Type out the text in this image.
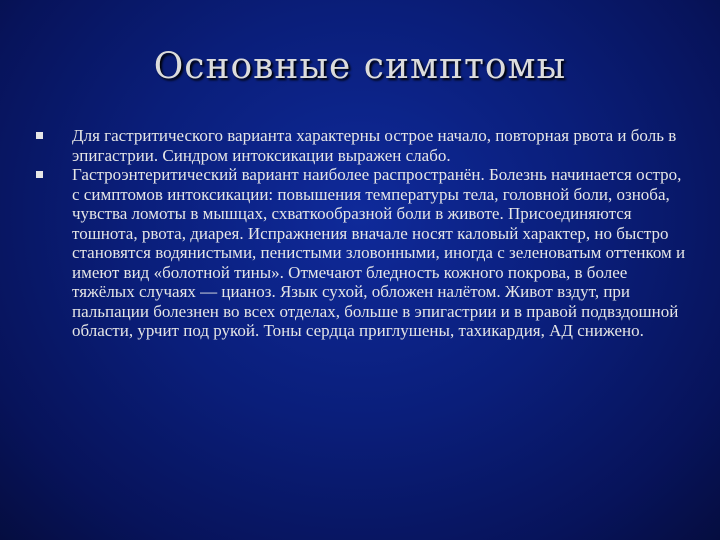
Основные симптомы
Для гастритического варианта характерны острое начало, повторная рвота и боль в эпигастрии. Синдром интоксикации выражен слабо.
Гастроэнтеритический вариант наиболее распространён. Болезнь начинается остро, с симптомов интоксикации: повышения температуры тела, головной боли, озноба, чувства ломоты в мышцах, схваткообразной боли в животе. Присоединяются тошнота, рвота, диарея. Испражнения вначале носят каловый характер, но быстро становятся водянистыми, пенистыми зловонными, иногда с зеленоватым оттенком и имеют вид «болотной тины». Отмечают бледность кожного покрова, в более тяжёлых случаях — цианоз. Язык сухой, обложен налётом. Живот вздут, при пальпации болезнен во всех отделах, больше в эпигастрии и в правой подвздошной области, урчит под рукой. Тоны сердца приглушены, тахикардия, АД снижено.
